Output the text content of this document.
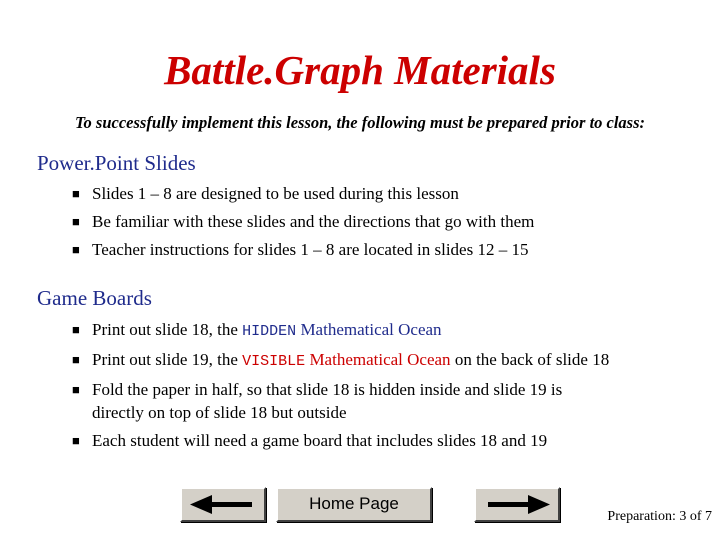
Battle.Graph Materials
To successfully implement this lesson, the following must be prepared prior to class:
Power.Point Slides
■ Slides 1 – 8 are designed to be used during this lesson
■ Be familiar with these slides and the directions that go with them
■ Teacher instructions for slides 1 – 8 are located in slides 12 – 15
Game Boards
■ Print out slide 18, the HIDDEN Mathematical Ocean
■ Print out slide 19, the VISIBLE Mathematical Ocean on the back of slide 18
■ Fold the paper in half, so that slide 18 is hidden inside and slide 19 is
directly on top of slide 18 but outside
■ Each student will need a game board that includes slides 18 and 19
Home Page
Preparation: 3 of 7
